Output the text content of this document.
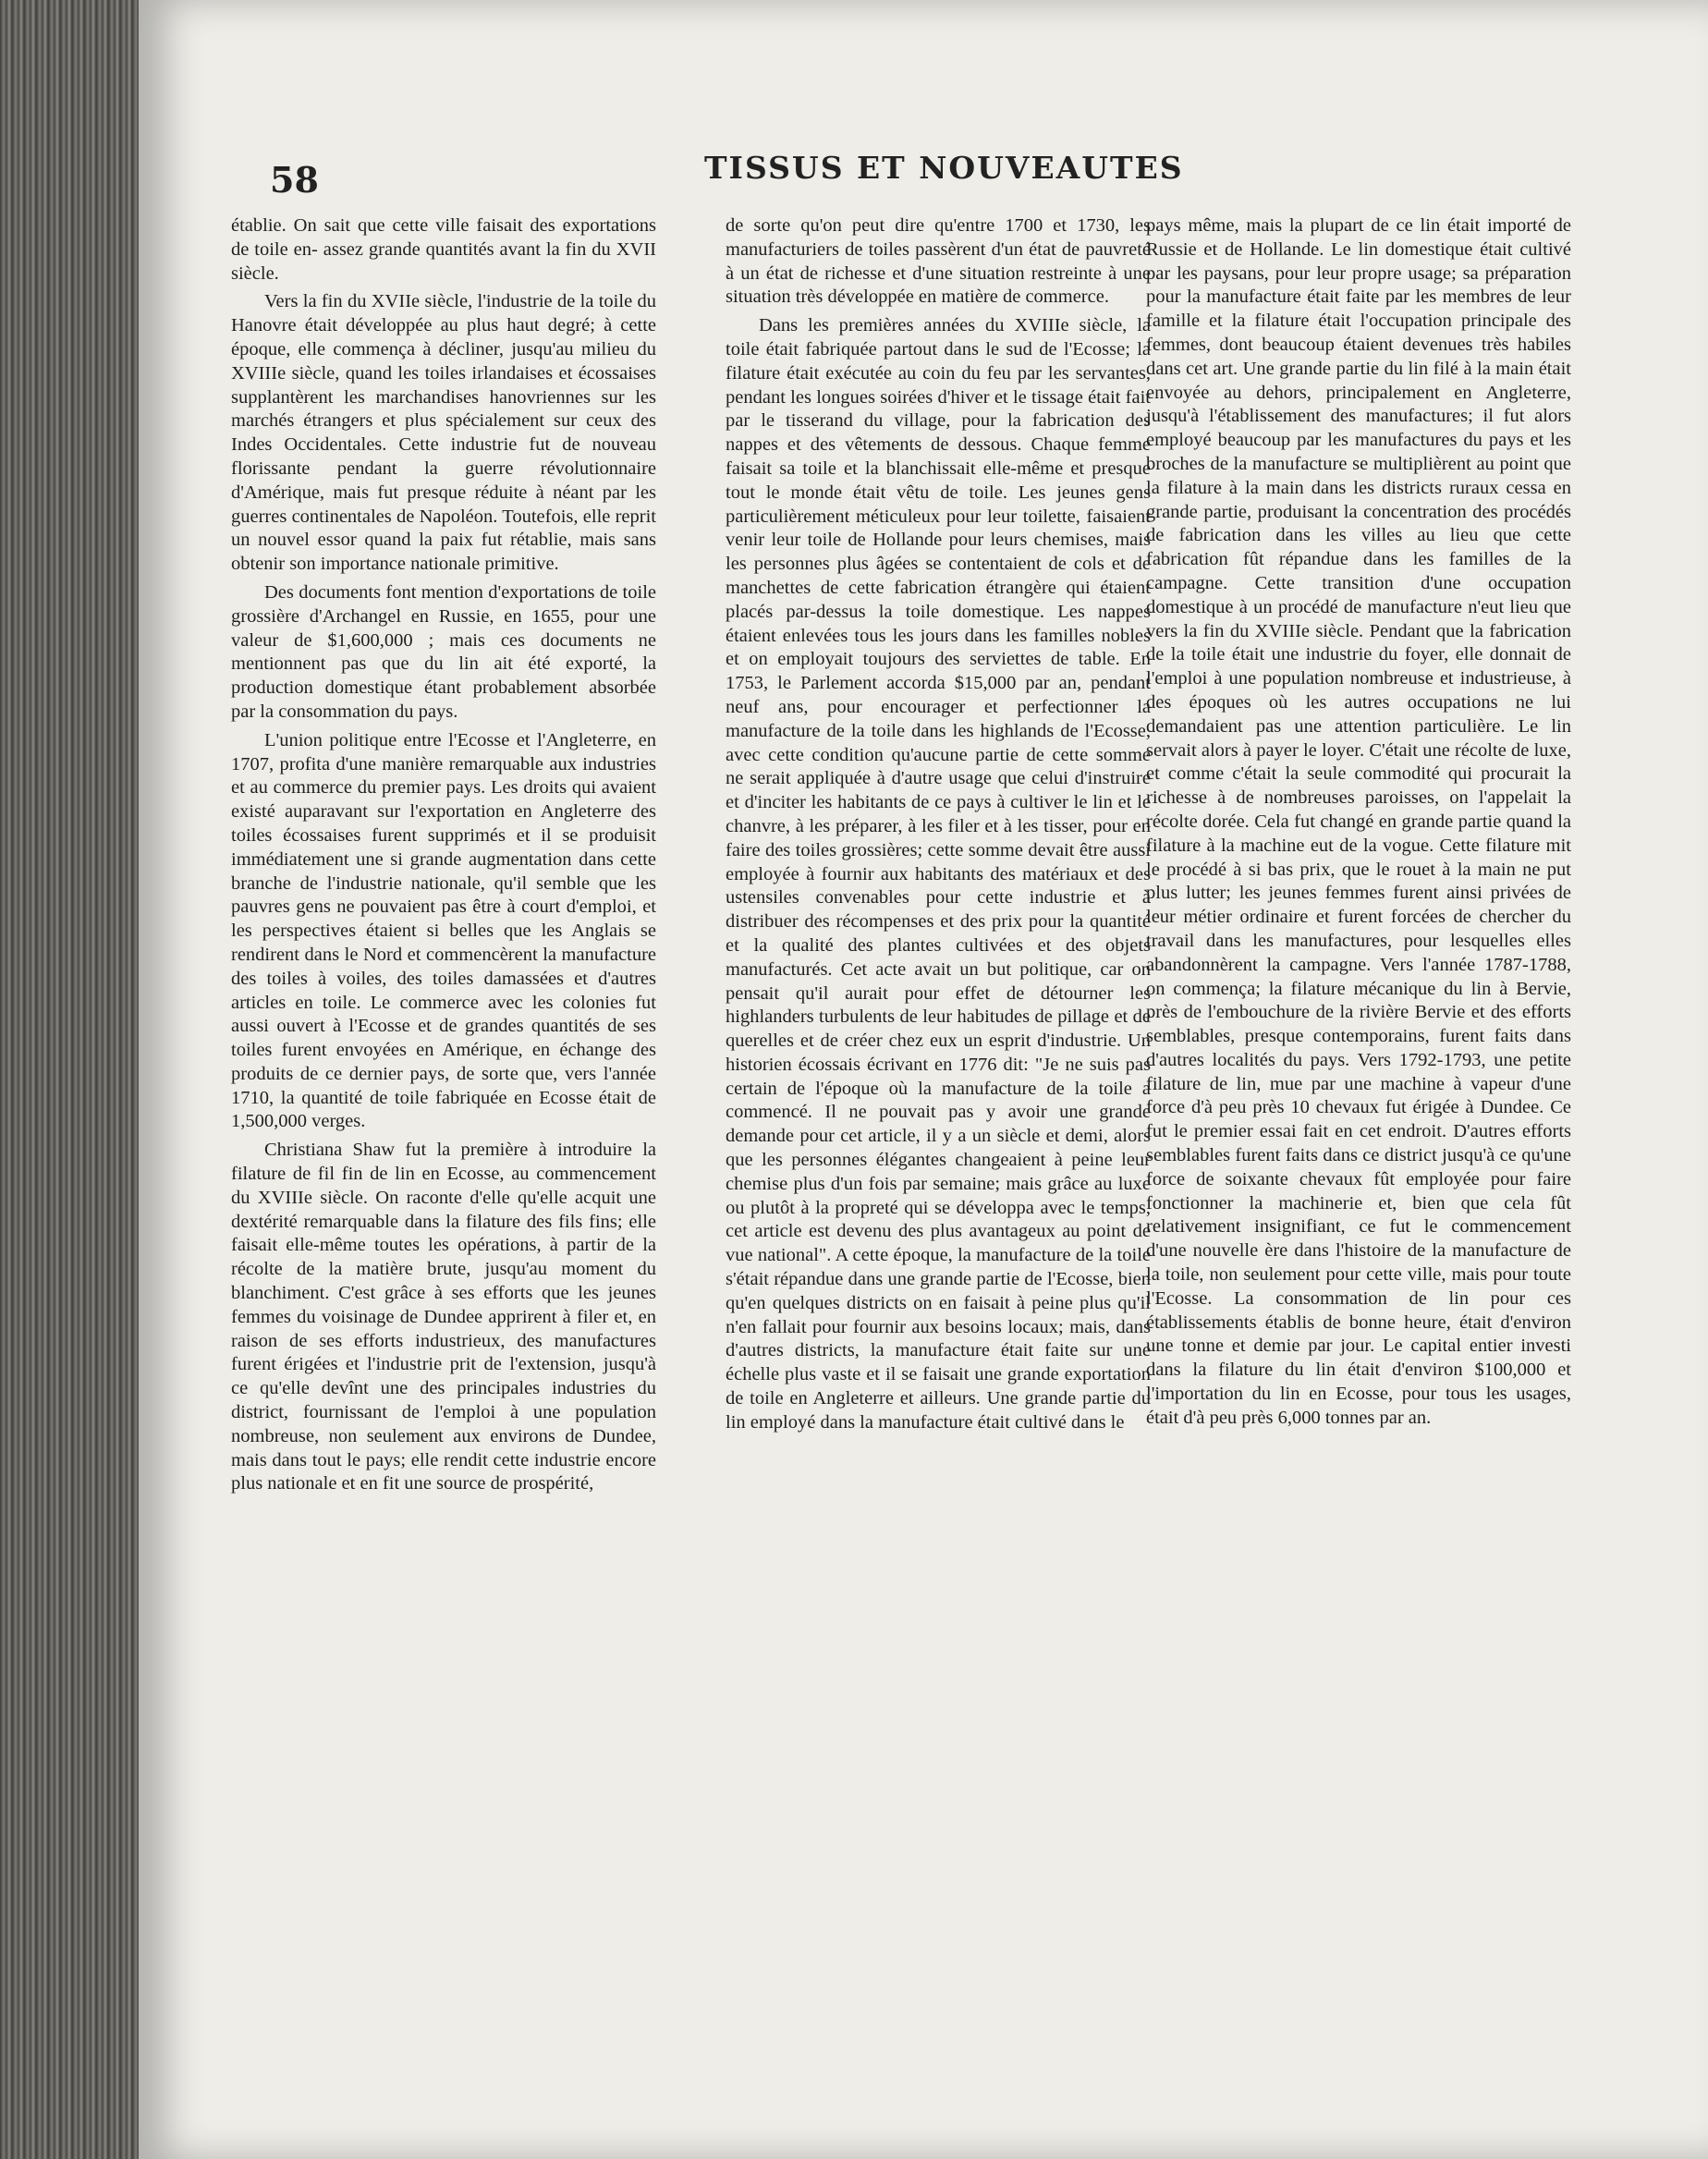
58	TISSUS ET NOUVEAUTES

établie. On sait que cette ville faisait des exportations de toile en- assez grande quantités avant la fin du XVII siècle.

Vers la fin du XVIIe siècle, l'industrie de la toile du Hanovre était développée au plus haut degré; à cette époque, elle commença à décliner, jusqu'au milieu du XVIIIe siècle, quand les toiles irlandaises et écossaises supplantèrent les marchandises hanovriennes sur les marchés étrangers et plus spécialement sur ceux des Indes Occidentales. Cette industrie fut de nouveau florissante pendant la guerre révolutionnaire d'Amérique, mais fut presque réduite à néant par les guerres continentales de Napoléon. Toutefois, elle reprit un nouvel essor quand la paix fut rétablie, mais sans obtenir son importance nationale primitive.

Des documents font mention d'exportations de toile grossière d'Archangel en Russie, en 1655, pour une valeur de $1,600,000 ; mais ces documents ne mentionnent pas que du lin ait été exporté, la production domestique étant probablement absorbée par la consommation du pays.

L'union politique entre l'Ecosse et l'Angleterre, en 1707, profita d'une manière remarquable aux industries et au commerce du premier pays. Les droits qui avaient existé auparavant sur l'exportation en Angleterre des toiles écossaises furent supprimés et il se produisit immédiatement une si grande augmentation dans cette branche de l'industrie nationale, qu'il semble que les pauvres gens ne pouvaient pas être à court d'emploi, et les perspectives étaient si belles que les Anglais se rendirent dans le Nord et commencèrent la manufacture des toiles à voiles, des toiles damassées et d'autres articles en toile. Le commerce avec les colonies fut aussi ouvert à l'Ecosse et de grandes quantités de ses toiles furent envoyées en Amérique, en échange des produits de ce dernier pays, de sorte que, vers l'année 1710, la quantité de toile fabriquée en Ecosse était de 1,500,000 verges.

Christiana Shaw fut la première à introduire la filature de fil fin de lin en Ecosse, au commencement du XVIIIe siècle. On raconte d'elle qu'elle acquit une dextérité remarquable dans la filature des fils fins; elle faisait elle-même toutes les opérations, à partir de la récolte de la matière brute, jusqu'au moment du blanchiment. C'est grâce à ses efforts que les jeunes femmes du voisinage de Dundee apprirent à filer et, en raison de ses efforts industrieux, des manufactures furent érigées et l'industrie prit de l'extension, jusqu'à ce qu'elle devînt une des principales industries du district, fournissant de l'emploi à une population nombreuse, non seulement aux environs de Dundee, mais dans tout le pays; elle rendit cette industrie encore plus nationale et en fit une source de prospérité,

de sorte qu'on peut dire qu'entre 1700 et 1730, les manufacturiers de toiles passèrent d'un état de pauvreté à un état de richesse et d'une situation restreinte à une situation très développée en matière de commerce.

Dans les premières années du XVIIIe siècle, la toile était fabriquée partout dans le sud de l'Ecosse; la filature était exécutée au coin du feu par les servantes, pendant les longues soirées d'hiver et le tissage était fait par le tisserand du village, pour la fabrication des nappes et des vêtements de dessous. Chaque femme faisait sa toile et la blanchissait elle-même et presque tout le monde était vêtu de toile. Les jeunes gens particulièrement méticuleux pour leur toilette, faisaient venir leur toile de Hollande pour leurs chemises, mais les personnes plus âgées se contentaient de cols et de manchettes de cette fabrication étrangère qui étaient placés par-dessus la toile domestique. Les nappes étaient enlevées tous les jours dans les familles nobles et on employait toujours des serviettes de table. En 1753, le Parlement accorda $15,000 par an, pendant neuf ans, pour encourager et perfectionner la manufacture de la toile dans les highlands de l'Ecosse, avec cette condition qu'aucune partie de cette somme ne serait appliquée à d'autre usage que celui d'instruire et d'inciter les habitants de ce pays à cultiver le lin et le chanvre, à les préparer, à les filer et à les tisser, pour en faire des toiles grossières; cette somme devait être aussi employée à fournir aux habitants des matériaux et des ustensiles convenables pour cette industrie et à distribuer des récompenses et des prix pour la quantité et la qualité des plantes cultivées et des objets manufacturés. Cet acte avait un but politique, car on pensait qu'il aurait pour effet de détourner les highlanders turbulents de leur habitudes de pillage et de querelles et de créer chez eux un esprit d'industrie. Un historien écossais écrivant en 1776 dit: "Je ne suis pas certain de l'époque où la manufacture de la toile a commencé. Il ne pouvait pas y avoir une grande demande pour cet article, il y a un siècle et demi, alors que les personnes élégantes changeaient à peine leur chemise plus d'un fois par semaine; mais grâce au luxe ou plutôt à la propreté qui se développa avec le temps, cet article est devenu des plus avantageux au point de vue national". A cette époque, la manufacture de la toile s'était répandue dans une grande partie de l'Ecosse, bien qu'en quelques districts on en faisait à peine plus qu'il n'en fallait pour fournir aux besoins locaux; mais, dans d'autres districts, la manufacture était faite sur une échelle plus vaste et il se faisait une grande exportation de toile en Angleterre et ailleurs. Une grande partie du lin employé dans la manufacture était cultivé dans le

pays même, mais la plupart de ce lin était importé de Russie et de Hollande. Le lin domestique était cultivé par les paysans, pour leur propre usage; sa préparation pour la manufacture était faite par les membres de leur famille et la filature était l'occupation principale des femmes, dont beaucoup étaient devenues très habiles dans cet art. Une grande partie du lin filé à la main était envoyée au dehors, principalement en Angleterre, jusqu'à l'établissement des manufactures; il fut alors employé beaucoup par les manufactures du pays et les broches de la manufacture se multiplièrent au point que la filature à la main dans les districts ruraux cessa en grande partie, produisant la concentration des procédés de fabrication dans les villes au lieu que cette fabrication fût répandue dans les familles de la campagne. Cette transition d'une occupation domestique à un procédé de manufacture n'eut lieu que vers la fin du XVIIIe siècle. Pendant que la fabrication de la toile était une industrie du foyer, elle donnait de l'emploi à une population nombreuse et industrieuse, à des époques où les autres occupations ne lui demandaient pas une attention particulière. Le lin servait alors à payer le loyer. C'était une récolte de luxe, et comme c'était la seule commodité qui procurait la richesse à de nombreuses paroisses, on l'appelait la récolte dorée. Cela fut changé en grande partie quand la filature à la machine eut de la vogue. Cette filature mit le procédé à si bas prix, que le rouet à la main ne put plus lutter; les jeunes femmes furent ainsi privées de leur métier ordinaire et furent forcées de chercher du travail dans les manufactures, pour lesquelles elles abandonnèrent la campagne. Vers l'année 1787-1788, on commença; la filature mécanique du lin à Bervie, près de l'embouchure de la rivière Bervie et des efforts semblables, presque contemporains, furent faits dans d'autres localités du pays. Vers 1792-1793, une petite filature de lin, mue par une machine à vapeur d'une force d'à peu près 10 chevaux fut érigée à Dundee. Ce fut le premier essai fait en cet endroit. D'autres efforts semblables furent faits dans ce district jusqu'à ce qu'une force de soixante chevaux fût employée pour faire fonctionner la machinerie et, bien que cela fût relativement insignifiant, ce fut le commencement d'une nouvelle ère dans l'histoire de la manufacture de la toile, non seulement pour cette ville, mais pour toute l'Ecosse. La consommation de lin pour ces établissements établis de bonne heure, était d'environ une tonne et demie par jour. Le capital entier investi dans la filature du lin était d'environ $100,000 et l'importation du lin en Ecosse, pour tous les usages, était d'à peu près 6,000 tonnes par an.
